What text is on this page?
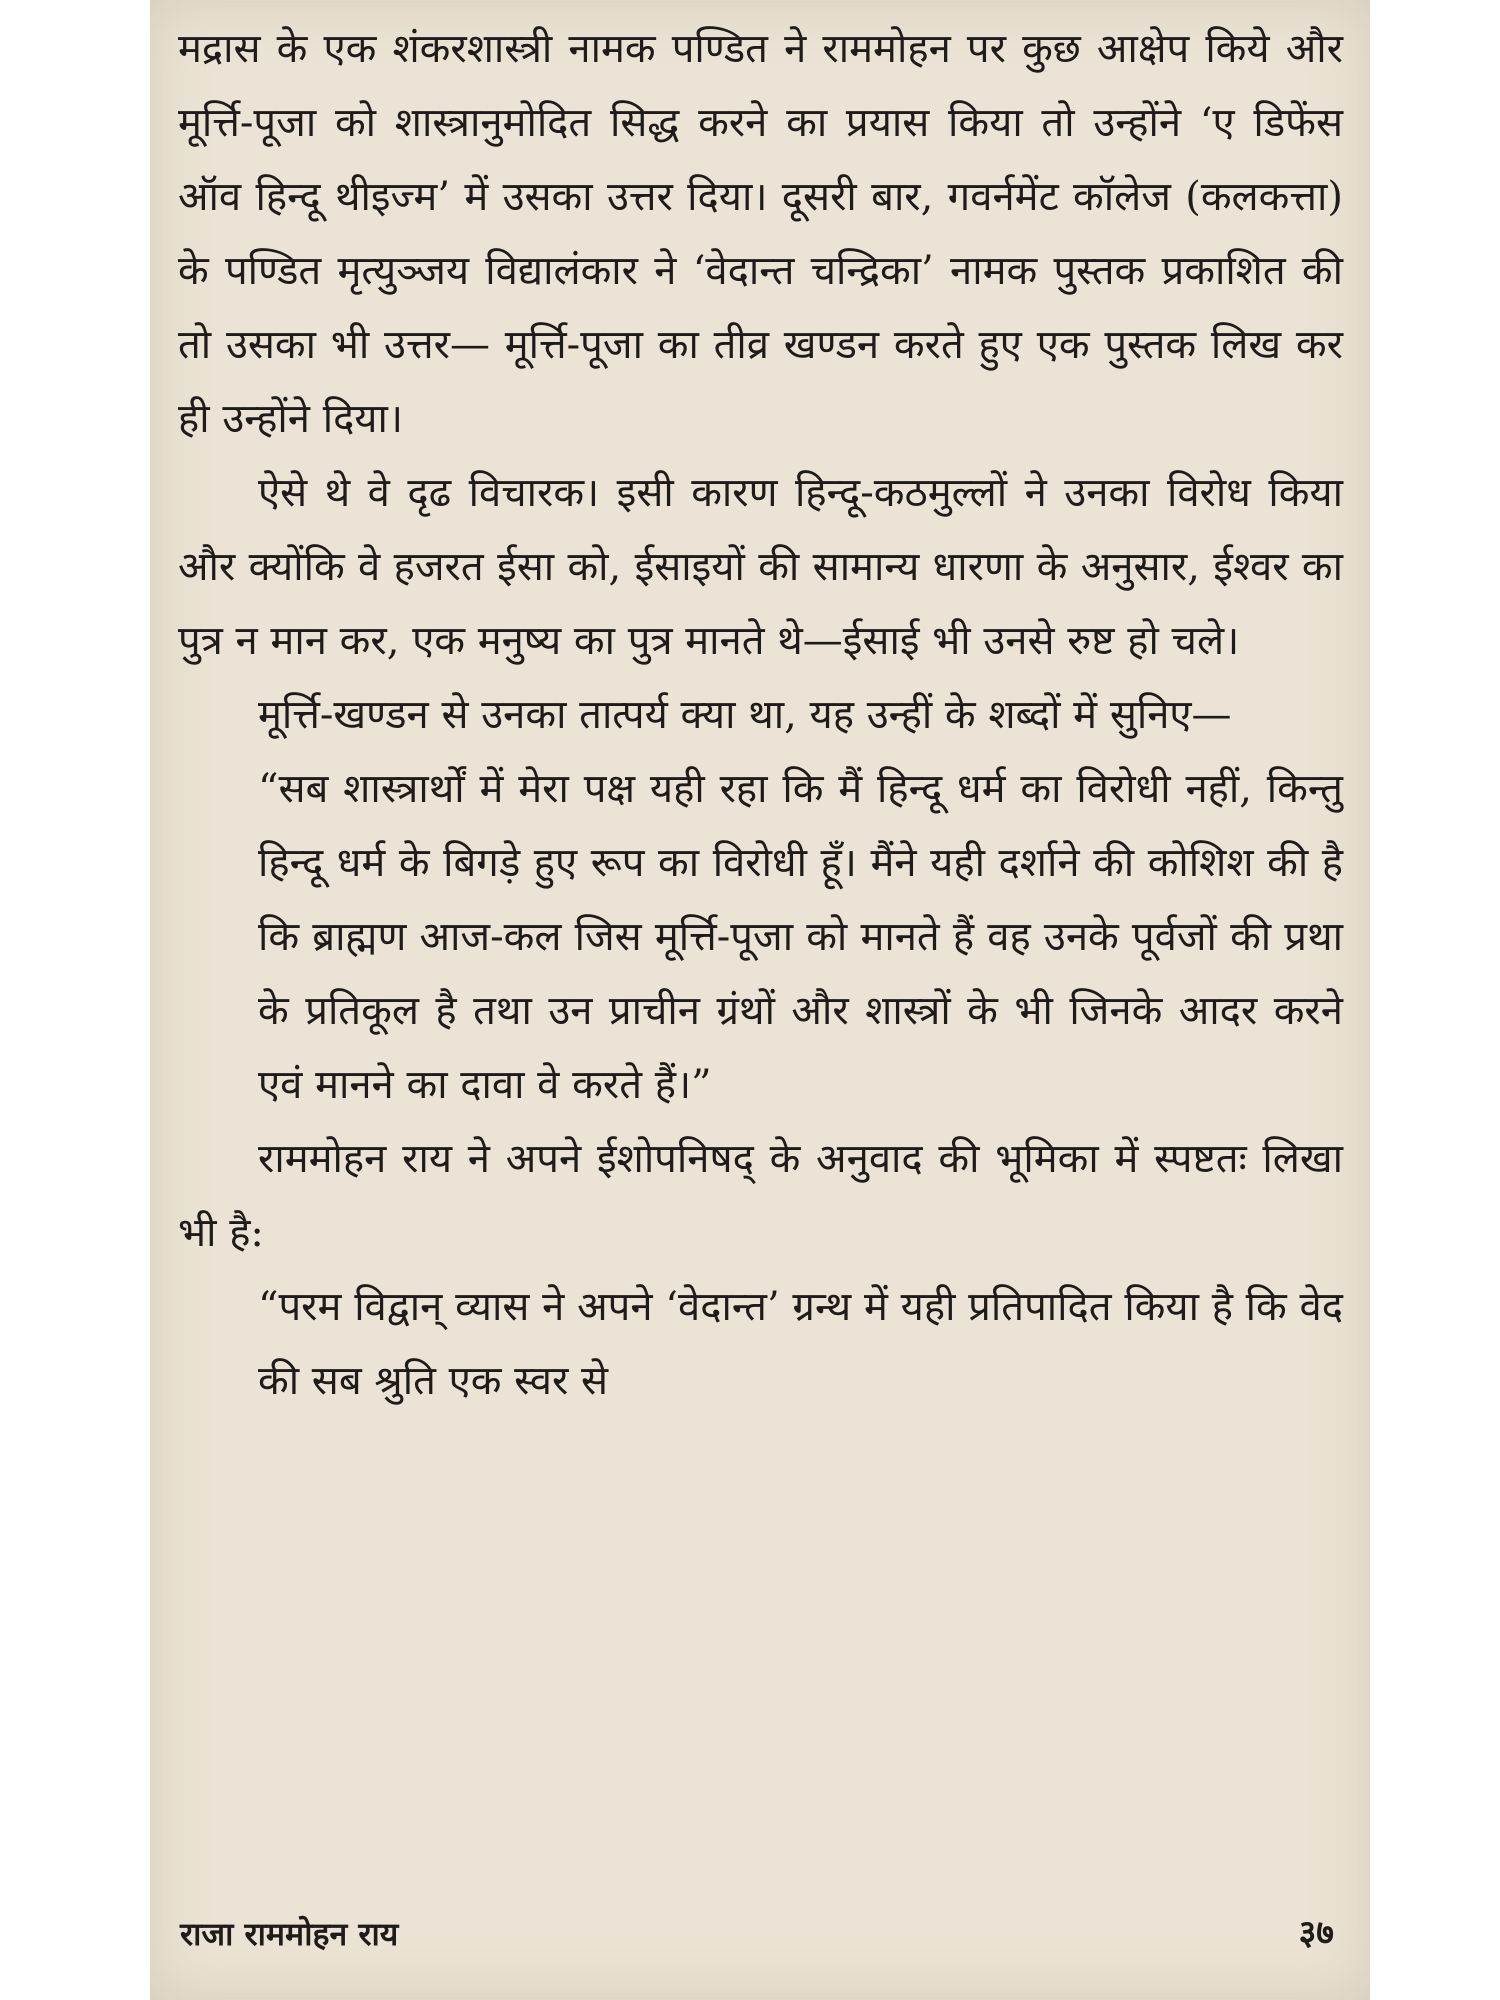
मद्रास के एक शंकरशास्त्री नामक पण्डित ने राममोहन पर कुछ आक्षेप किये और मूर्त्ति-पूजा को शास्त्रानुमोदित सिद्ध करने का प्रयास किया तो उन्होंने ‘ए डिफेंस ऑव हिन्दू थीइज्म’ में उसका उत्तर दिया। दूसरी बार, गवर्नमेंट कॉलेज (कलकत्ता) के पण्डित मृत्युञ्जय विद्यालंकार ने ‘वेदान्त चन्द्रिका’ नामक पुस्तक प्रकाशित की तो उसका भी उत्तर— मूर्त्ति-पूजा का तीव्र खण्डन करते हुए एक पुस्तक लिख कर ही उन्होंने दिया।

ऐसे थे वे दृढ विचारक। इसी कारण हिन्दू-कठमुल्लों ने उनका विरोध किया और क्योंकि वे हजरत ईसा को, ईसाइयों की सामान्य धारणा के अनुसार, ईश्वर का पुत्र न मान कर, एक मनुष्य का पुत्र मानते थे—ईसाई भी उनसे रुष्ट हो चले।

मूर्त्ति-खण्डन से उनका तात्पर्य क्या था, यह उन्हीं के शब्दों में सुनिए—

“सब शास्त्रार्थों में मेरा पक्ष यही रहा कि मैं हिन्दू धर्म का विरोधी नहीं, किन्तु हिन्दू धर्म के बिगड़े हुए रूप का विरोधी हूँ। मैंने यही दर्शाने की कोशिश की है कि ब्राह्मण आज-कल जिस मूर्त्ति-पूजा को मानते हैं वह उनके पूर्वजों की प्रथा के प्रतिकूल है तथा उन प्राचीन ग्रंथों और शास्त्रों के भी जिनके आदर करने एवं मानने का दावा वे करते हैं।”

राममोहन राय ने अपने ईशोपनिषद् के अनुवाद की भूमिका में स्पष्टतः लिखा भी है:

“परम विद्वान् व्यास ने अपने ‘वेदान्त’ ग्रन्थ में यही प्रतिपादित किया है कि वेद की सब श्रुति एक स्वर से

राजा राममोहन राय	३७
